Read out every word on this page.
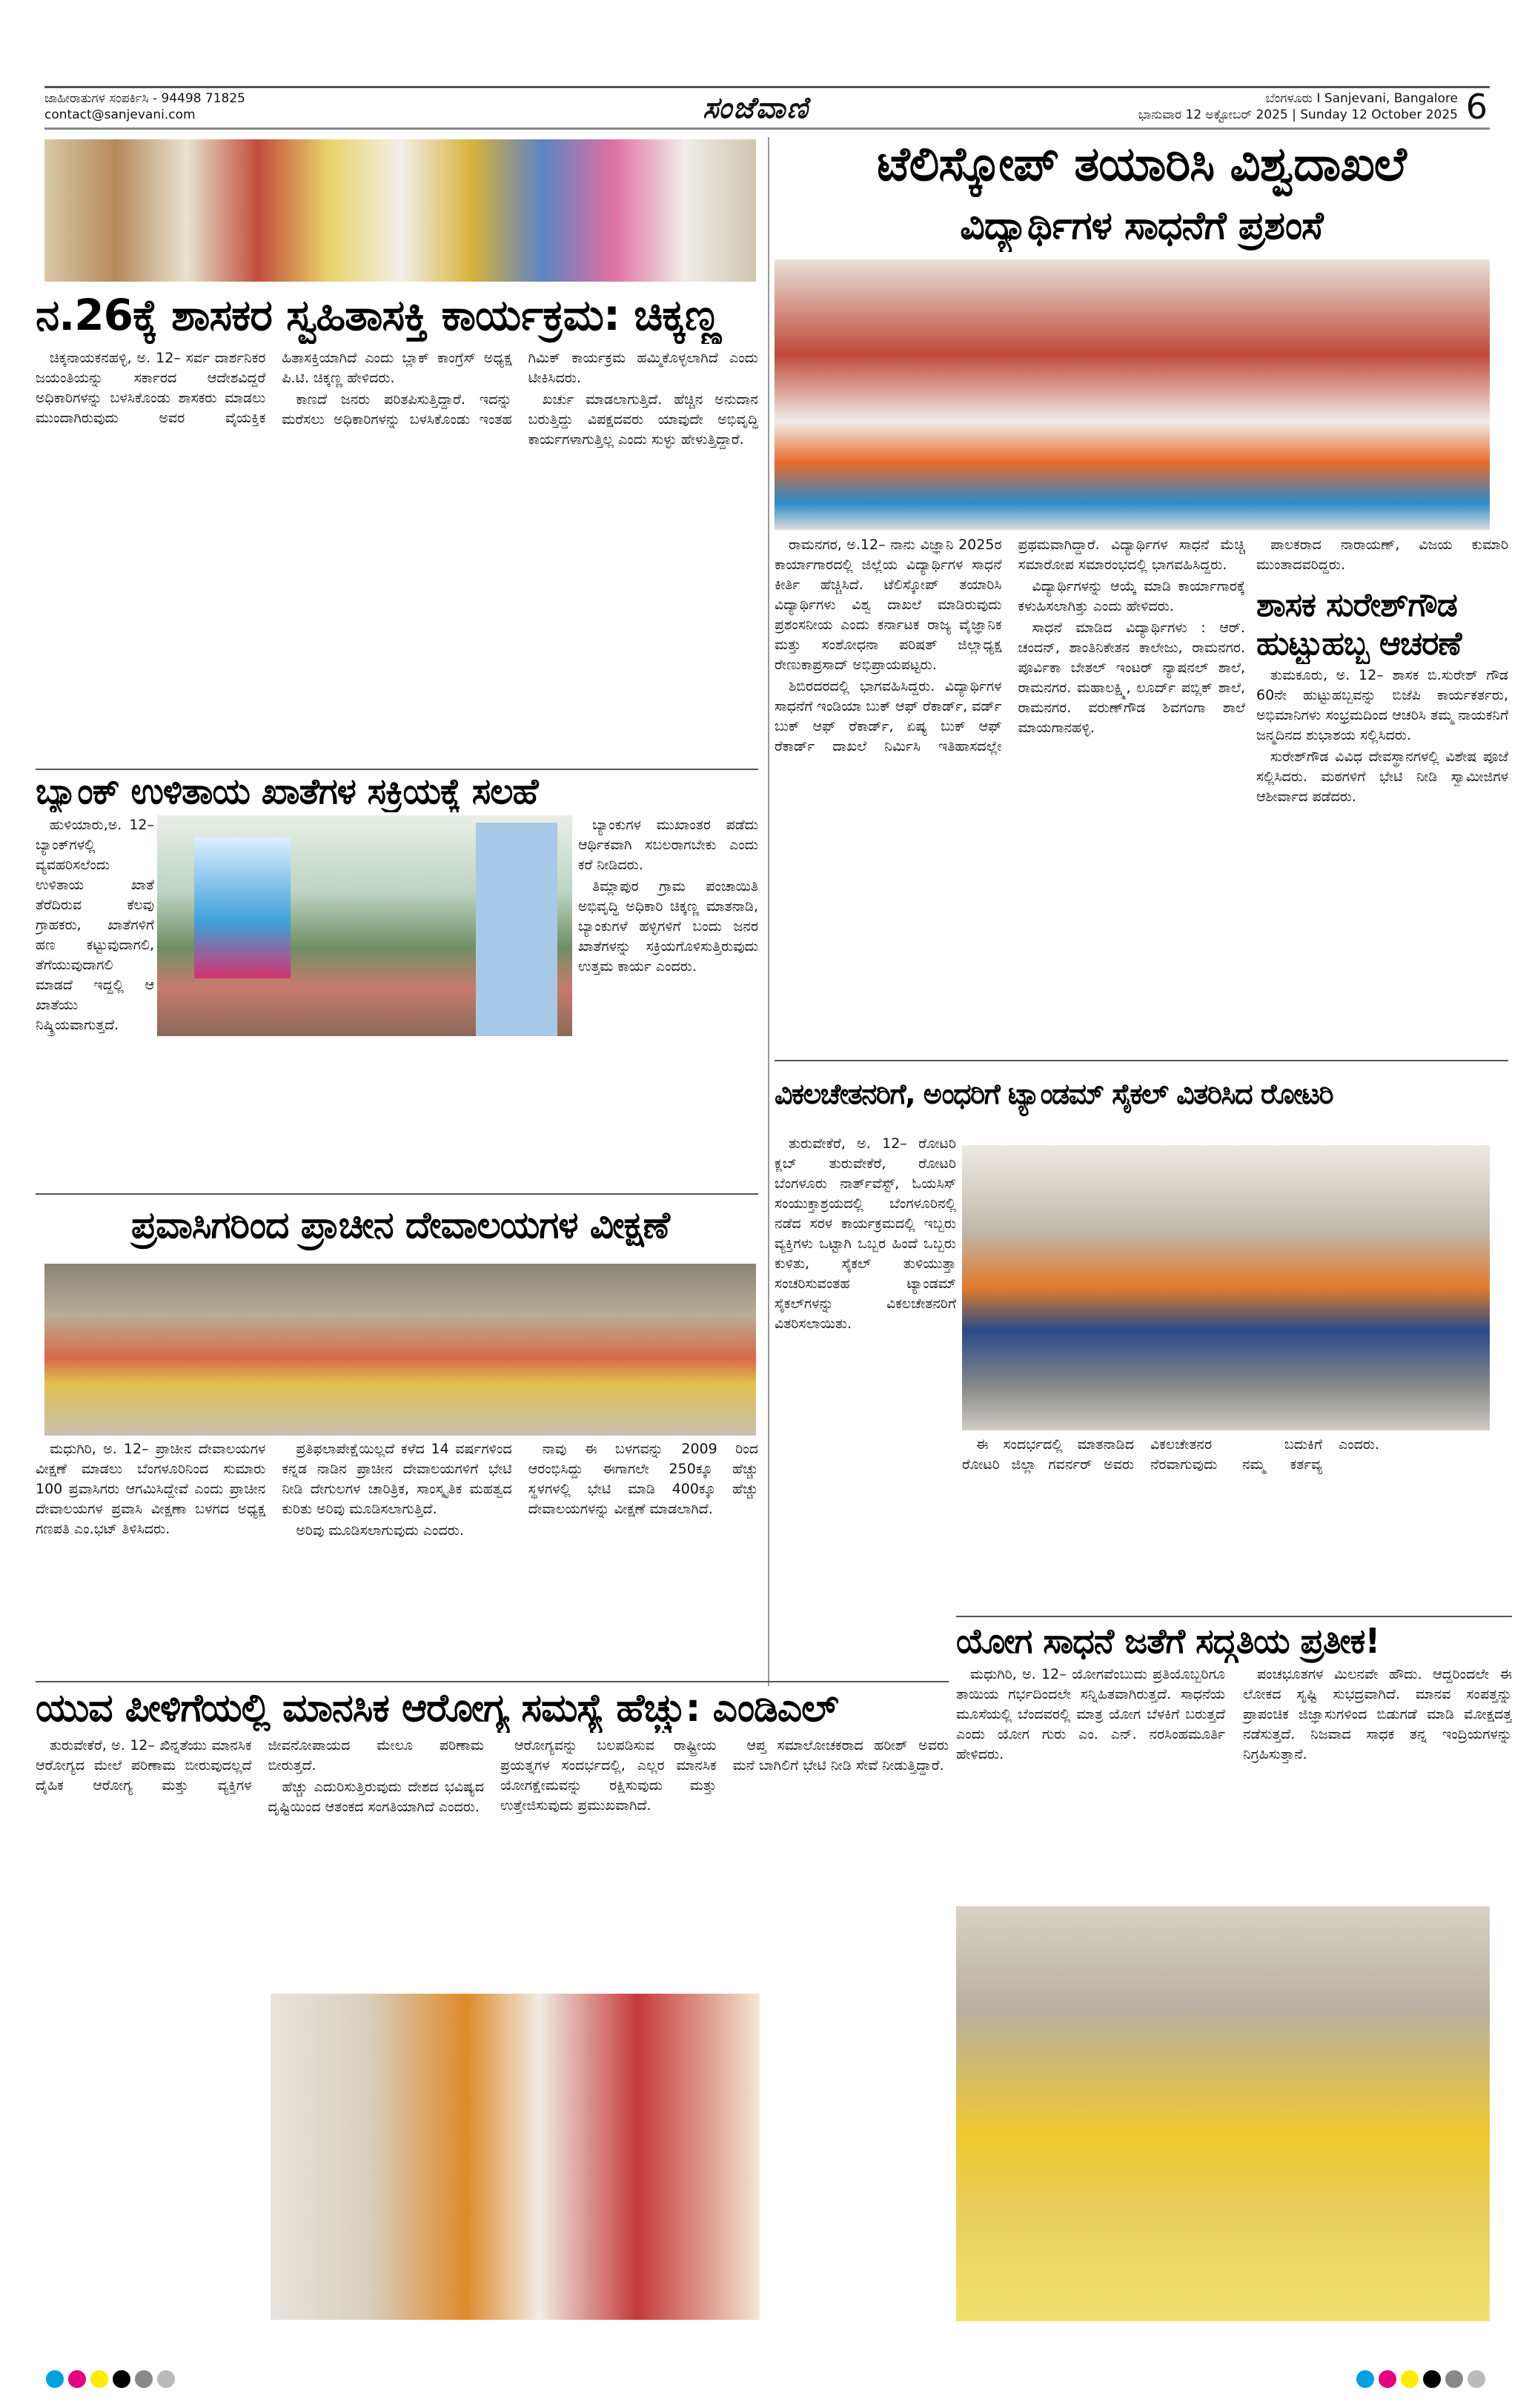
ಜಾಹೀರಾತುಗಳ ಸಂಪರ್ಕಿಸಿ - 94498 71825
contact@sanjevani.com	ಸಂಜೆವಾಣಿ	ಬೆಂಗಳೂರು I Sanjevani, Bangalore
ಭಾನುವಾರ 12 ಅಕ್ಟೋಬರ್ 2025 | Sunday 12 October 2025 6
ನ.26ಕ್ಕೆ ಶಾಸಕರ ಸ್ವಹಿತಾಸಕ್ತಿ ಕಾರ್ಯಕ್ರಮ: ಚಿಕ್ಕಣ್ಣ

ಚಿಕ್ಕನಾಯಕನಹಳ್ಳಿ, ಅ. 12– ಸರ್ವ ದಾರ್ಶನಿಕರ ಜಯಂತಿಯನ್ನು ಸರ್ಕಾರದ ಆದೇಶವಿದ್ದರೆ ಅಧಿಕಾರಿಗಳನ್ನು ಬಳಸಿಕೊಂಡು ಶಾಸಕರು ಮಾಡಲು ಮುಂದಾಗಿರುವುದು ಅವರ ವೈಯಕ್ತಿಕ ಹಿತಾಸಕ್ತಿಯಾಗಿದೆ ಎಂದು ಬ್ಲಾಕ್ ಕಾಂಗ್ರೆಸ್ ಅಧ್ಯಕ್ಷ ಪಿ.ಟಿ. ಚಿಕ್ಕಣ್ಣ ಹೇಳಿದರು.

ಕಾಣದೆ ಜನರು ಪರಿತಪಿಸುತ್ತಿದ್ದಾರೆ. ಇದನ್ನು ಮರೆಸಲು ಅಧಿಕಾರಿಗಳನ್ನು ಬಳಸಿಕೊಂಡು ಇಂತಹ ಗಿಮಿಕ್ ಕಾರ್ಯಕ್ರಮ ಹಮ್ಮಿಕೊಳ್ಳಲಾಗಿದೆ ಎಂದು ಟೀಕಿಸಿದರು.

ಖರ್ಚು ಮಾಡಲಾಗುತ್ತಿದೆ. ಹೆಚ್ಚಿನ ಅನುದಾನ ಬರುತ್ತಿದ್ದು ವಿಪಕ್ಷದವರು ಯಾವುದೇ ಅಭಿವೃದ್ಧಿ ಕಾರ್ಯಗಳಾಗುತ್ತಿಲ್ಲ ಎಂದು ಸುಳ್ಳು ಹೇಳುತ್ತಿದ್ದಾರೆ.

ಬ್ಯಾಂಕ್ ಉಳಿತಾಯ ಖಾತೆಗಳ ಸಕ್ರಿಯಕ್ಕೆ ಸಲಹೆ

ಹುಳಿಯಾರು,ಅ. 12– ಬ್ಯಾಂಕ್‌ಗಳಲ್ಲಿ ವ್ಯವಹರಿಸಲೆಂದು ಉಳಿತಾಯ ಖಾತೆ ತೆರೆದಿರುವ ಕೆಲವು ಗ್ರಾಹಕರು, ಖಾತೆಗಳಿಗೆ ಹಣ ಕಟ್ಟುವುದಾಗಲಿ, ತೆಗೆಯುವುದಾಗಲಿ ಮಾಡದೆ ಇದ್ದಲ್ಲಿ ಆ ಖಾತೆಯು ನಿಷ್ಕ್ರಿಯವಾಗುತ್ತದೆ.

ಬ್ಯಾಂಕುಗಳ ಮುಖಾಂತರ ಪಡೆದು ಆರ್ಥಿಕವಾಗಿ ಸಬಲರಾಗಬೇಕು ಎಂದು ಕರೆ ನೀಡಿದರು.

ತಿಮ್ಲಾಪುರ ಗ್ರಾಮ ಪಂಚಾಯಿತಿ ಅಭಿವೃದ್ಧಿ ಅಧಿಕಾರಿ ಚಿಕ್ಕಣ್ಣ ಮಾತನಾಡಿ, ಬ್ಯಾಂಕುಗಳೆ ಹಳ್ಳಿಗಳಿಗೆ ಬಂದು ಜನರ ಖಾತೆಗಳನ್ನು ಸಕ್ರಿಯಗೊಳಿಸುತ್ತಿರುವುದು ಉತ್ತಮ ಕಾರ್ಯ ಎಂದರು.

ಪ್ರವಾಸಿಗರಿಂದ ಪ್ರಾಚೀನ ದೇವಾಲಯಗಳ ವೀಕ್ಷಣೆ

ಮಧುಗಿರಿ, ಅ. 12– ಪ್ರಾಚೀನ ದೇವಾಲಯಗಳ ವೀಕ್ಷಣೆ ಮಾಡಲು ಬೆಂಗಳೂರಿನಿಂದ ಸುಮಾರು 100 ಪ್ರವಾಸಿಗರು ಆಗಮಿಸಿದ್ದೇವೆ ಎಂದು ಪ್ರಾಚೀನ ದೇವಾಲಯಗಳ ಪ್ರವಾಸಿ ವೀಕ್ಷಣಾ ಬಳಗದ ಅಧ್ಯಕ್ಷ ಗಣಪತಿ ಎಂ.ಭಟ್ ತಿಳಿಸಿದರು.

ಪ್ರತಿಫಲಾಪೇಕ್ಷೆಯಿಲ್ಲದೆ ಕಳೆದ 14 ವರ್ಷಗಳಿಂದ ಕನ್ನಡ ನಾಡಿನ ಪ್ರಾಚೀನ ದೇವಾಲಯಗಳಿಗೆ ಭೇಟಿ ನೀಡಿ ದೇಗುಲಗಳ ಚಾರಿತ್ರಿಕ, ಸಾಂಸ್ಕೃತಿಕ ಮಹತ್ವದ ಕುರಿತು ಅರಿವು ಮೂಡಿಸಲಾಗುತ್ತಿದೆ.

ಅರಿವು ಮೂಡಿಸಲಾಗುವುದು ಎಂದರು.

ನಾವು ಈ ಬಳಗವನ್ನು 2009 ರಿಂದ ಆರಂಭಿಸಿದ್ದು ಈಗಾಗಲೇ 250ಕ್ಕೂ ಹೆಚ್ಚು ಸ್ಥಳಗಳಲ್ಲಿ ಭೇಟಿ ಮಾಡಿ 400ಕ್ಕೂ ಹೆಚ್ಚು ದೇವಾಲಯಗಳನ್ನು ವೀಕ್ಷಣೆ ಮಾಡಲಾಗಿದೆ.

ಯುವ ಪೀಳಿಗೆಯಲ್ಲಿ ಮಾನಸಿಕ ಆರೋಗ್ಯ ಸಮಸ್ಯೆ ಹೆಚ್ಚು: ಎಂಡಿಎಲ್

ತುರುವೇಕೆರೆ, ಅ. 12– ಖಿನ್ನತೆಯು ಮಾನಸಿಕ ಆರೋಗ್ಯದ ಮೇಲೆ ಪರಿಣಾಮ ಬೀರುವುದಲ್ಲದೆ ದೈಹಿಕ ಆರೋಗ್ಯ ಮತ್ತು ವ್ಯಕ್ತಿಗಳ ಜೀವನೋಪಾಯದ ಮೇಲೂ ಪರಿಣಾಮ ಬೀರುತ್ತದೆ.

ಹೆಚ್ಚು ಎದುರಿಸುತ್ತಿರುವುದು ದೇಶದ ಭವಿಷ್ಯದ ದೃಷ್ಟಿಯಿಂದ ಆತಂಕದ ಸಂಗತಿಯಾಗಿದೆ ಎಂದರು.

ಆರೋಗ್ಯವನ್ನು ಬಲಪಡಿಸುವ ರಾಷ್ಟ್ರೀಯ ಪ್ರಯತ್ನಗಳ ಸಂದರ್ಭದಲ್ಲಿ, ಎಲ್ಲರ ಮಾನಸಿಕ ಯೋಗಕ್ಷೇಮವನ್ನು ರಕ್ಷಿಸುವುದು ಮತ್ತು ಉತ್ತೇಜಿಸುವುದು ಪ್ರಮುಖವಾಗಿದೆ.

ಆಪ್ತ ಸಮಾಲೋಚಕರಾದ ಹರೀಶ್ ಅವರು ಮನೆ ಬಾಗಿಲಿಗೆ ಭೇಟಿ ನೀಡಿ ಸೇವೆ ನೀಡುತ್ತಿದ್ದಾರೆ.

ಟೆಲಿಸ್ಕೋಪ್ ತಯಾರಿಸಿ ವಿಶ್ವದಾಖಲೆ
ವಿದ್ಯಾರ್ಥಿಗಳ ಸಾಧನೆಗೆ ಪ್ರಶಂಸೆ

ರಾಮನಗರ, ಅ.12– ನಾನು ವಿಜ್ಞಾನಿ 2025ರ ಕಾರ್ಯಾಗಾರದಲ್ಲಿ ಜಿಲ್ಲೆಯ ವಿದ್ಯಾರ್ಥಿಗಳ ಸಾಧನೆ ಕೀರ್ತಿ ಹೆಚ್ಚಿಸಿದೆ. ಟೆಲಿಸ್ಕೋಪ್ ತಯಾರಿಸಿ ವಿದ್ಯಾರ್ಥಿಗಳು ವಿಶ್ವ ದಾಖಲೆ ಮಾಡಿರುವುದು ಪ್ರಶಂಸನೀಯ ಎಂದು ಕರ್ನಾಟಕ ರಾಜ್ಯ ವೈಜ್ಞಾನಿಕ ಮತ್ತು ಸಂಶೋಧನಾ ಪರಿಷತ್ ಜಿಲ್ಲಾಧ್ಯಕ್ಷ ರೇಣುಕಾಪ್ರಸಾದ್ ಅಭಿಪ್ರಾಯಪಟ್ಟರು.

ಶಿಬಿರದರದಲ್ಲಿ ಭಾಗವಹಿಸಿದ್ದರು. ವಿದ್ಯಾರ್ಥಿಗಳ ಸಾಧನೆಗೆ ಇಂಡಿಯಾ ಬುಕ್ ಆಫ್ ರೆಕಾರ್ಡ್, ವರ್ಡ್ ಬುಕ್ ಆಫ್ ರೆಕಾರ್ಡ್, ಏಷ್ಯ ಬುಕ್ ಆಫ್ ರೆಕಾರ್ಡ್ ದಾಖಲೆ ನಿರ್ಮಿಸಿ ಇತಿಹಾಸದಲ್ಲೇ ಪ್ರಥಮವಾಗಿದ್ದಾರೆ. ವಿದ್ಯಾರ್ಥಿಗಳ ಸಾಧನೆ ಮೆಚ್ಚಿ ಸಮಾರೋಪ ಸಮಾರಂಭದಲ್ಲಿ ಭಾಗವಹಿಸಿದ್ದರು.

ವಿದ್ಯಾರ್ಥಿಗಳನ್ನು ಆಯ್ಕೆ ಮಾಡಿ ಕಾರ್ಯಾಗಾರಕ್ಕೆ ಕಳುಹಿಸಲಾಗಿತ್ತು ಎಂದು ಹೇಳಿದರು.

ಸಾಧನೆ ಮಾಡಿದ ವಿದ್ಯಾರ್ಥಿಗಳು : ಆರ್. ಚಂದನ್, ಶಾಂತಿನಿಕೇತನ ಕಾಲೇಜು, ರಾಮನಗರ. ಪೂರ್ವಿಕಾ ಬೇತಲ್ ಇಂಟರ್ ನ್ಯಾಷನಲ್ ಶಾಲೆ, ರಾಮನಗರ. ಮಹಾಲಕ್ಷ್ಮಿ, ಲೂರ್ದ್ ಪಬ್ಲಿಕ್ ಶಾಲೆ, ರಾಮನಗರ. ವರುಣ್‌ಗೌಡ ಶಿವಗಂಗಾ ಶಾಲೆ ಮಾಯಗಾನಹಳ್ಳಿ.

ಪಾಲಕರಾದ ನಾರಾಯಣ್, ವಿಜಯ ಕುಮಾರಿ ಮುಂತಾದವರಿದ್ದರು.

ಶಾಸಕ ಸುರೇಶ್‌ಗೌಡ
ಹುಟ್ಟುಹಬ್ಬ ಆಚರಣೆ

ತುಮಕೂರು, ಅ. 12– ಶಾಸಕ ಬಿ.ಸುರೇಶ್ ಗೌಡ 60ನೇ ಹುಟ್ಟುಹಬ್ಬವನ್ನು ಬಿಜೆಪಿ ಕಾರ್ಯಕರ್ತರು, ಅಭಿಮಾನಿಗಳು ಸಂಭ್ರಮದಿಂದ ಆಚರಿಸಿ ತಮ್ಮ ನಾಯಕನಿಗೆ ಜನ್ಮದಿನದ ಶುಭಾಶಯ ಸಲ್ಲಿಸಿದರು.

ಸುರೇಶ್‌ಗೌಡ ವಿವಿಧ ದೇವಸ್ಥಾನಗಳಲ್ಲಿ ವಿಶೇಷ ಪೂಜೆ ಸಲ್ಲಿಸಿದರು. ಮಠಗಳಿಗೆ ಭೇಟಿ ನೀಡಿ ಸ್ವಾಮೀಜಿಗಳ ಆಶೀರ್ವಾದ ಪಡೆದರು.

ವಿಕಲಚೇತನರಿಗೆ, ಅಂಧರಿಗೆ ಟ್ಯಾಂಡಮ್ ಸೈಕಲ್ ವಿತರಿಸಿದ ರೋಟರಿ

ತುರುವೇಕೆರೆ, ಅ. 12– ರೋಟರಿ ಕ್ಲಬ್ ತುರುವೇಕೆರೆ, ರೋಟರಿ ಬೆಂಗಳೂರು ನಾರ್ತ್‌ವೆಸ್ಟ್, ಓಯಸಿಸ್ ಸಂಯುಕ್ತಾಶ್ರಯದಲ್ಲಿ ಬೆಂಗಳೂರಿನಲ್ಲಿ ನಡೆದ ಸರಳ ಕಾರ್ಯಕ್ರಮದಲ್ಲಿ ಇಬ್ಬರು ವ್ಯಕ್ತಿಗಳು ಒಟ್ಟಾಗಿ ಒಬ್ಬರ ಹಿಂದೆ ಒಬ್ಬರು ಕುಳಿತು, ಸೈಕಲ್ ತುಳಿಯುತ್ತಾ ಸಂಚರಿಸುವಂತಹ ಟ್ಯಾಂಡಮ್ ಸೈಕಲ್‌ಗಳನ್ನು ವಿಕಲಚೇತನರಿಗೆ ವಿತರಿಸಲಾಯಿತು.

ಈ ಸಂದರ್ಭದಲ್ಲಿ ಮಾತನಾಡಿದ ರೋಟರಿ ಜಿಲ್ಲಾ ಗವರ್ನರ್ ಅವರು ವಿಕಲಚೇತನರ ಬದುಕಿಗೆ ನೆರವಾಗುವುದು ನಮ್ಮ ಕರ್ತವ್ಯ ಎಂದರು.

ಯೋಗ ಸಾಧನೆ ಜತೆಗೆ ಸದ್ಗತಿಯ ಪ್ರತೀಕ!

ಮಧುಗಿರಿ, ಅ. 12– ಯೋಗವೆಂಬುದು ಪ್ರತಿಯೊಬ್ಬರಿಗೂ ತಾಯಿಯ ಗರ್ಭದಿಂದಲೇ ಸನ್ನಿಹಿತವಾಗಿರುತ್ತದೆ. ಸಾಧನೆಯ ಮೂಸೆಯಲ್ಲಿ ಬೆಂದವರಲ್ಲಿ ಮಾತ್ರ ಯೋಗ ಬೆಳಕಿಗೆ ಬರುತ್ತದೆ ಎಂದು ಯೋಗ ಗುರು ಎಂ. ಎನ್. ನರಸಿಂಹಮೂರ್ತಿ ಹೇಳಿದರು.

ಪಂಚಭೂತಗಳ ಮಿಲನವೇ ಹೌದು. ಆದ್ದರಿಂದಲೇ ಈ ಲೋಕದ ಸೃಷ್ಟಿ ಸುಭದ್ರವಾಗಿದೆ. ಮಾನವ ಸಂಪತ್ತನ್ನು ಪ್ರಾಪಂಚಿಕ ಜಿಜ್ಞಾಸುಗಳಿಂದ ಬಿಡುಗಡೆ ಮಾಡಿ ಮೋಕ್ಷದತ್ತ ನಡೆಸುತ್ತದೆ. ನಿಜವಾದ ಸಾಧಕ ತನ್ನ ಇಂದ್ರಿಯಗಳನ್ನು ನಿಗ್ರಹಿಸುತ್ತಾನೆ.
